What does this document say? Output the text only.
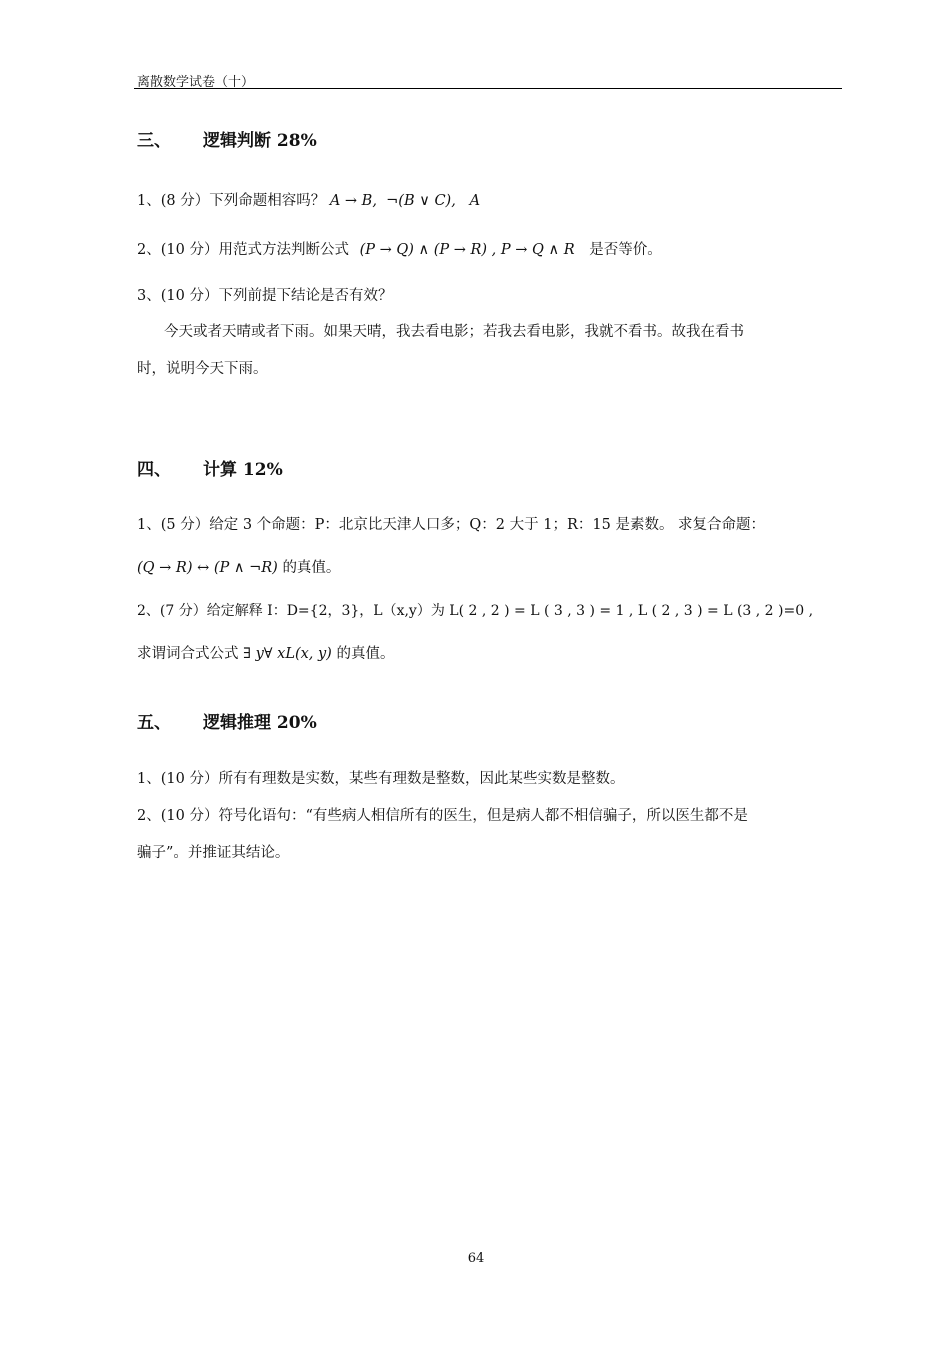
离散数学试卷（十）
三、 逻辑判断 28%
1、(8 分）下列命题相容吗？ A → B,  ¬(B ∨ C),   A
2、(10 分）用范式方法判断公式 (P → Q) ∧ (P → R) , P → Q ∧ R 是否等价。
3、(10 分）下列前提下结论是否有效？
今天或者天晴或者下雨。如果天晴，我去看电影；若我去看电影，我就不看书。故我在看书
时，说明今天下雨。
四、 计算 12%
1、(5 分）给定 3 个命题：P：北京比天津人口多；Q：2 大于 1；R：15 是素数。 求复合命题：
(Q → R) ↔ (P ∧ ¬R) 的真值。
2、(7 分）给定解释 I：D={2，3}，L（x,y）为 L( 2 , 2 ) = L ( 3 , 3 ) = 1 , L ( 2 , 3 ) = L (3 , 2 )=0 ,
求谓词合式公式 ∃ y∀ xL(x, y) 的真值。
五、 逻辑推理 20%
1、(10 分）所有有理数是实数，某些有理数是整数，因此某些实数是整数。
2、(10 分）符号化语句：“有些病人相信所有的医生，但是病人都不相信骗子，所以医生都不是
骗子”。并推证其结论。
64
